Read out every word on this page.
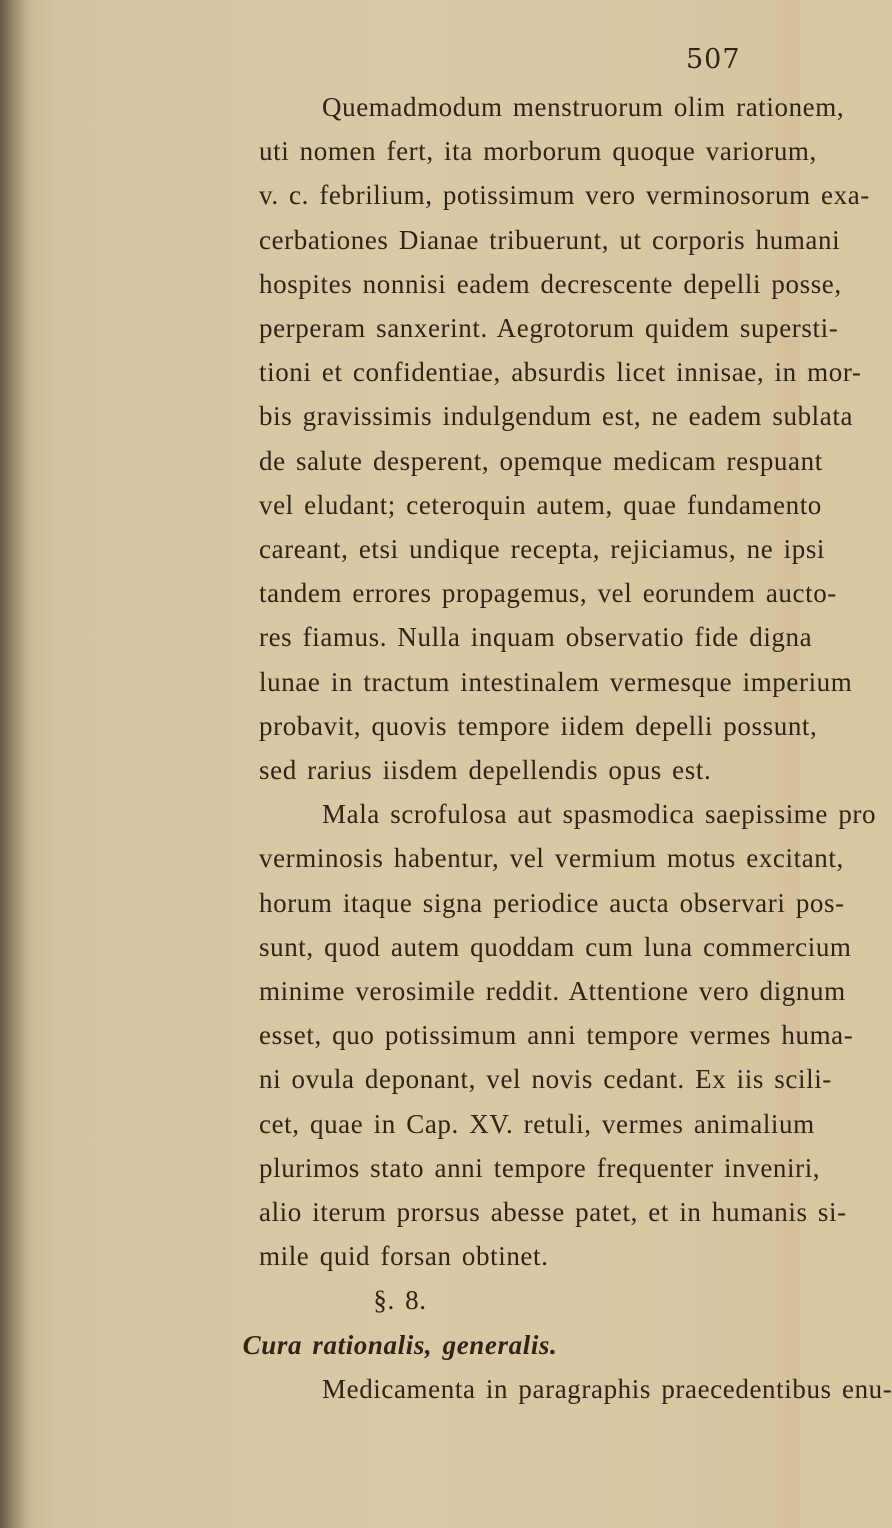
507
Quemadmodum menstruorum olim rationem,
uti nomen fert, ita morborum quoque variorum,
v. c. febrilium, potissimum vero verminosorum exa-
cerbationes Dianae tribuerunt, ut corporis humani
hospites nonnisi eadem decrescente depelli posse,
perperam sanxerint. Aegrotorum quidem supersti-
tioni et confidentiae, absurdis licet innisae, in mor-
bis gravissimis indulgendum est, ne eadem sublata
de salute desperent, opemque medicam respuant
vel eludant; ceteroquin autem, quae fundamento
careant, etsi undique recepta, rejiciamus, ne ipsi
tandem errores propagemus, vel eorundem aucto-
res fiamus. Nulla inquam observatio fide digna
lunae in tractum intestinalem vermesque imperium
probavit, quovis tempore iidem depelli possunt,
sed rarius iisdem depellendis opus est.
Mala scrofulosa aut spasmodica saepissime pro
verminosis habentur, vel vermium motus excitant,
horum itaque signa periodice aucta observari pos-
sunt, quod autem quoddam cum luna commercium
minime verosimile reddit. Attentione vero dignum
esset, quo potissimum anni tempore vermes huma-
ni ovula deponant, vel novis cedant. Ex iis scili-
cet, quae in Cap. XV. retuli, vermes animalium
plurimos stato anni tempore frequenter inveniri,
alio iterum prorsus abesse patet, et in humanis si-
mile quid forsan obtinet.
§. 8.
Cura rationalis, generalis.
Medicamenta in paragraphis praecedentibus enu-
